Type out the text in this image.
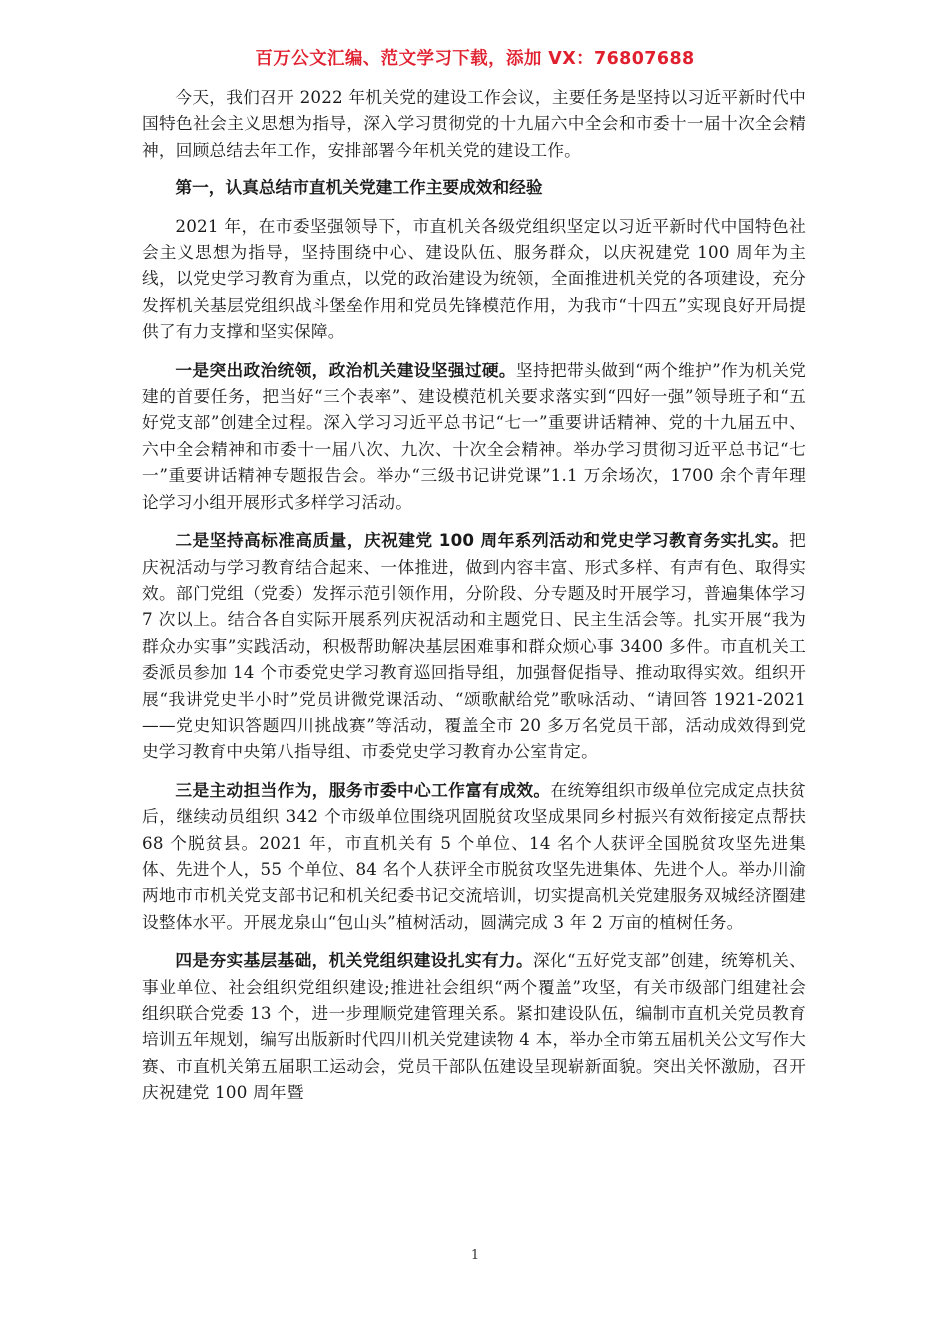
百万公文汇编、范文学习下载，添加 VX：76807688

今天，我们召开 2022 年机关党的建设工作会议，主要任务是坚持以习近平新时代中国特色社会主义思想为指导，深入学习贯彻党的十九届六中全会和市委十一届十次全会精神，回顾总结去年工作，安排部署今年机关党的建设工作。

第一，认真总结市直机关党建工作主要成效和经验

2021 年，在市委坚强领导下，市直机关各级党组织坚定以习近平新时代中国特色社会主义思想为指导，坚持围绕中心、建设队伍、服务群众，以庆祝建党 100 周年为主线，以党史学习教育为重点，以党的政治建设为统领，全面推进机关党的各项建设，充分发挥机关基层党组织战斗堡垒作用和党员先锋模范作用，为我市“十四五”实现良好开局提供了有力支撑和坚实保障。

一是突出政治统领，政治机关建设坚强过硬。坚持把带头做到“两个维护”作为机关党建的首要任务，把当好“三个表率”、建设模范机关要求落实到“四好一强”领导班子和“五好党支部”创建全过程。深入学习习近平总书记“七一”重要讲话精神、党的十九届五中、六中全会精神和市委十一届八次、九次、十次全会精神。举办学习贯彻习近平总书记“七一”重要讲话精神专题报告会。举办“三级书记讲党课”1.1 万余场次，1700 余个青年理论学习小组开展形式多样学习活动。

二是坚持高标准高质量，庆祝建党 100 周年系列活动和党史学习教育务实扎实。把庆祝活动与学习教育结合起来、一体推进，做到内容丰富、形式多样、有声有色、取得实效。部门党组（党委）发挥示范引领作用，分阶段、分专题及时开展学习，普遍集体学习 7 次以上。结合各自实际开展系列庆祝活动和主题党日、民主生活会等。扎实开展“我为群众办实事”实践活动，积极帮助解决基层困难事和群众烦心事 3400 多件。市直机关工委派员参加 14 个市委党史学习教育巡回指导组，加强督促指导、推动取得实效。组织开展“我讲党史半小时”党员讲微党课活动、“颂歌献给党”歌咏活动、“请回答 1921-2021——党史知识答题四川挑战赛”等活动，覆盖全市 20 多万名党员干部，活动成效得到党史学习教育中央第八指导组、市委党史学习教育办公室肯定。

三是主动担当作为，服务市委中心工作富有成效。在统筹组织市级单位完成定点扶贫后，继续动员组织 342 个市级单位围绕巩固脱贫攻坚成果同乡村振兴有效衔接定点帮扶 68 个脱贫县。2021 年，市直机关有 5 个单位、14 名个人获评全国脱贫攻坚先进集体、先进个人，55 个单位、84 名个人获评全市脱贫攻坚先进集体、先进个人。举办川渝两地市市机关党支部书记和机关纪委书记交流培训，切实提高机关党建服务双城经济圈建设整体水平。开展龙泉山“包山头”植树活动，圆满完成 3 年 2 万亩的植树任务。

四是夯实基层基础，机关党组织建设扎实有力。深化“五好党支部”创建，统筹机关、事业单位、社会组织党组织建设;推进社会组织“两个覆盖”攻坚，有关市级部门组建社会组织联合党委 13 个，进一步理顺党建管理关系。紧扣建设队伍，编制市直机关党员教育培训五年规划，编写出版新时代四川机关党建读物 4 本，举办全市第五届机关公文写作大赛、市直机关第五届职工运动会，党员干部队伍建设呈现崭新面貌。突出关怀激励，召开庆祝建党 100 周年暨

1
